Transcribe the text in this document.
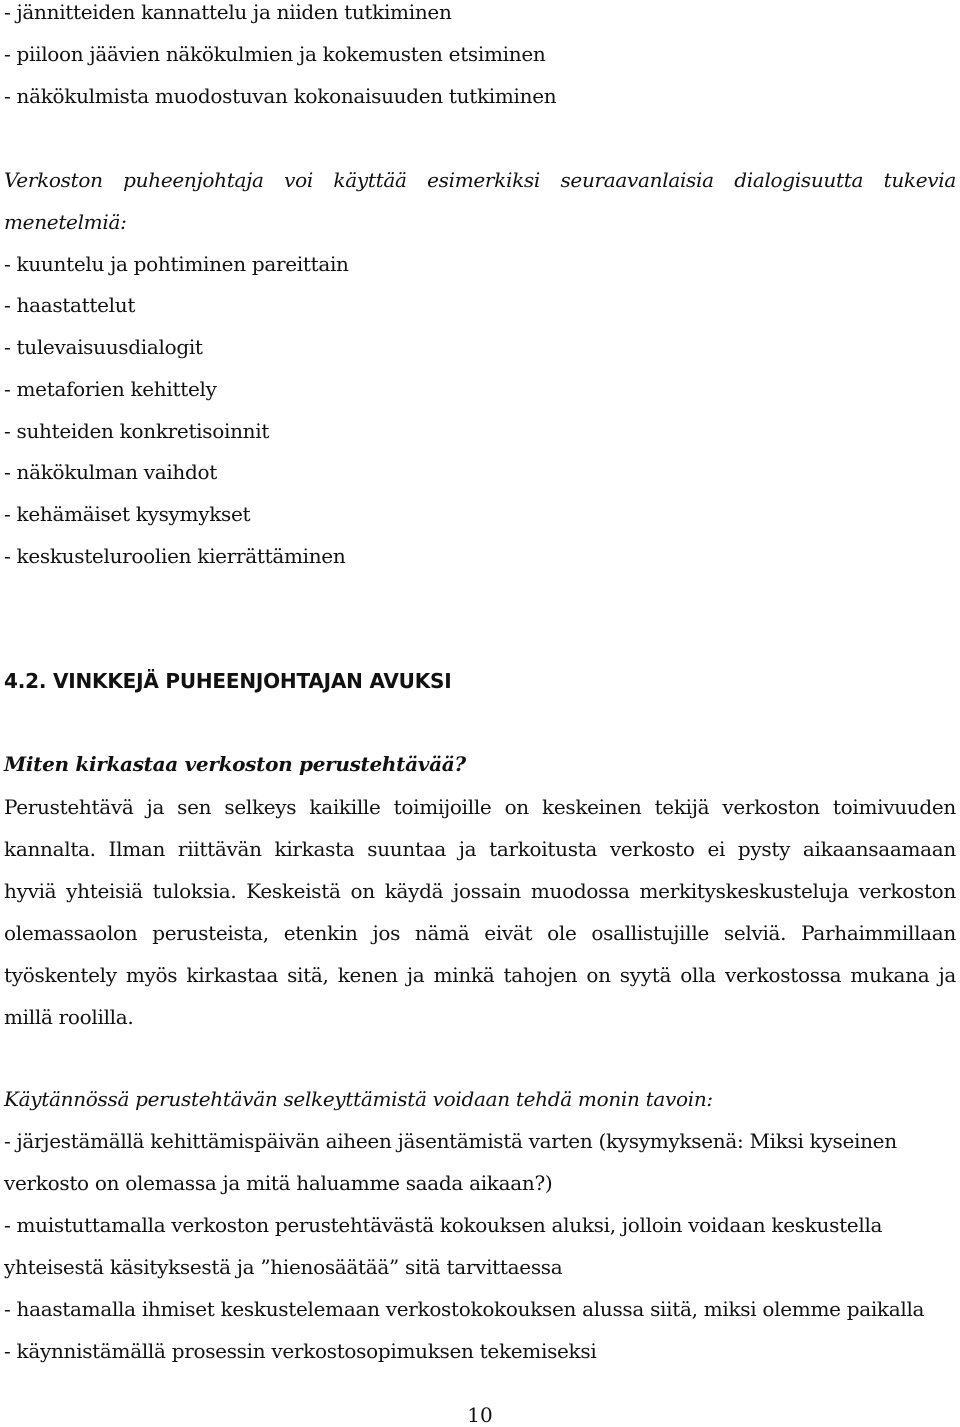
- jännitteiden kannattelu ja niiden tutkiminen
- piiloon jäävien näkökulmien ja kokemusten etsiminen
- näkökulmista muodostuvan kokonaisuuden tutkiminen
Verkoston puheenjohtaja voi käyttää esimerkiksi seuraavanlaisia dialogisuutta tukevia
menetelmiä:
- kuuntelu ja pohtiminen pareittain
- haastattelut
- tulevaisuusdialogit
- metaforien kehittely
- suhteiden konkretisoinnit
- näkökulman vaihdot
- kehämäiset kysymykset
- keskusteluroolien kierrättäminen
4.2. VINKKEJÄ PUHEENJOHTAJAN AVUKSI
Miten kirkastaa verkoston perustehtävää?
Perustehtävä ja sen selkeys kaikille toimijoille on keskeinen tekijä verkoston toimivuuden
kannalta. Ilman riittävän kirkasta suuntaa ja tarkoitusta verkosto ei pysty aikaansaamaan
hyviä yhteisiä tuloksia. Keskeistä on käydä jossain muodossa merkityskeskusteluja verkoston
olemassaolon perusteista, etenkin jos nämä eivät ole osallistujille selviä. Parhaimmillaan
työskentely myös kirkastaa sitä, kenen ja minkä tahojen on syytä olla verkostossa mukana ja
millä roolilla.
Käytännössä perustehtävän selkeyttämistä voidaan tehdä monin tavoin:
- järjestämällä kehittämispäivän aiheen jäsentämistä varten (kysymyksenä: Miksi kyseinen
verkosto on olemassa ja mitä haluamme saada aikaan?)
- muistuttamalla verkoston perustehtävästä kokouksen aluksi, jolloin voidaan keskustella
yhteisestä käsityksestä ja ”hienosäätää” sitä tarvittaessa
- haastamalla ihmiset keskustelemaan verkostokokouksen alussa siitä, miksi olemme paikalla
- käynnistämällä prosessin verkostosopimuksen tekemiseksi
10
